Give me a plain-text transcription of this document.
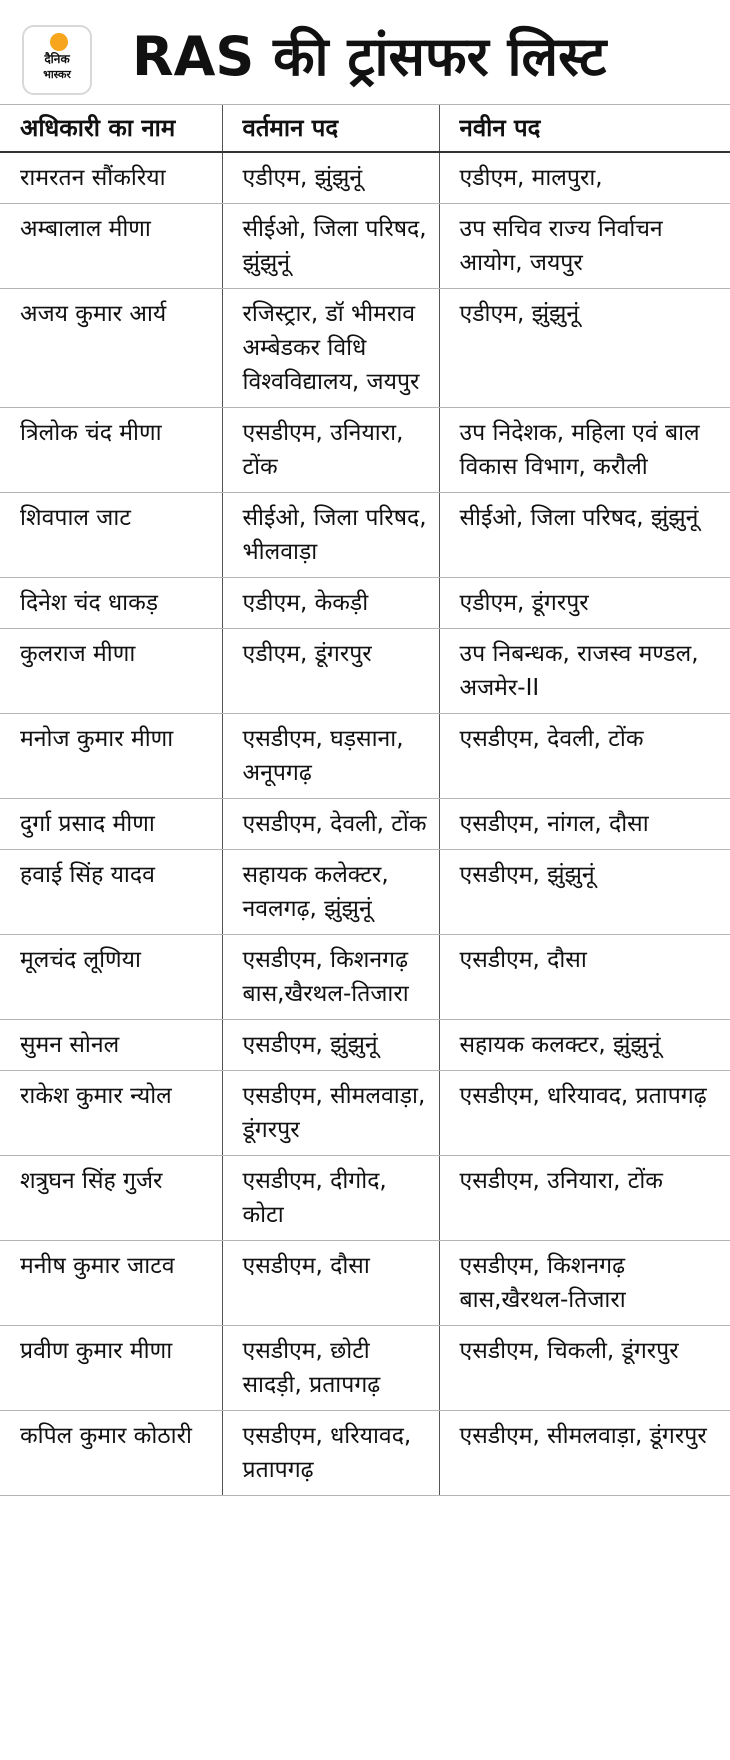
दैनिक
भास्कर	RAS की ट्रांसफर लिस्ट
अधिकारी का नाम	वर्तमान पद	नवीन पद
रामरतन सौंकरिया	एडीएम, झुंझुनूं	एडीएम, मालपुरा,
अम्बालाल मीणा	सीईओ, जिला परिषद, झुंझुनूं	उप सचिव राज्य निर्वाचन आयोग, जयपुर
अजय कुमार आर्य	रजिस्ट्रार, डॉ भीमराव अम्बेडकर विधि विश्वविद्यालय, जयपुर	एडीएम, झुंझुनूं
त्रिलोक चंद मीणा	एसडीएम, उनियारा, टोंक	उप निदेशक, महिला एवं बाल विकास विभाग, करौली
शिवपाल जाट	सीईओ, जिला परिषद, भीलवाड़ा	सीईओ, जिला परिषद, झुंझुनूं
दिनेश चंद धाकड़	एडीएम, केकड़ी	एडीएम, डूंगरपुर
कुलराज मीणा	एडीएम, डूंगरपुर	उप निबन्धक, राजस्व मण्डल, अजमेर-II
मनोज कुमार मीणा	एसडीएम, घड़साना, अनूपगढ़	एसडीएम, देवली, टोंक
दुर्गा प्रसाद मीणा	एसडीएम, देवली, टोंक	एसडीएम, नांगल, दौसा
हवाई सिंह यादव	सहायक कलेक्टर, नवलगढ़, झुंझुनूं	एसडीएम, झुंझुनूं
मूलचंद लूणिया	एसडीएम, किशनगढ़ बास,खैरथल-तिजारा	एसडीएम, दौसा
सुमन सोनल	एसडीएम, झुंझुनूं	सहायक कलक्टर, झुंझुनूं
राकेश कुमार न्योल	एसडीएम, सीमलवाड़ा, डूंगरपुर	एसडीएम, धरियावद, प्रतापगढ़
शत्रुघन सिंह गुर्जर	एसडीएम, दीगोद, कोटा	एसडीएम, उनियारा, टोंक
मनीष कुमार जाटव	एसडीएम, दौसा	एसडीएम, किशनगढ़ बास,खैरथल-तिजारा
प्रवीण कुमार मीणा	एसडीएम, छोटी सादड़ी, प्रतापगढ़	एसडीएम, चिकली, डूंगरपुर
कपिल कुमार कोठारी	एसडीएम, धरियावद, प्रतापगढ़	एसडीएम, सीमलवाड़ा, डूंगरपुर
